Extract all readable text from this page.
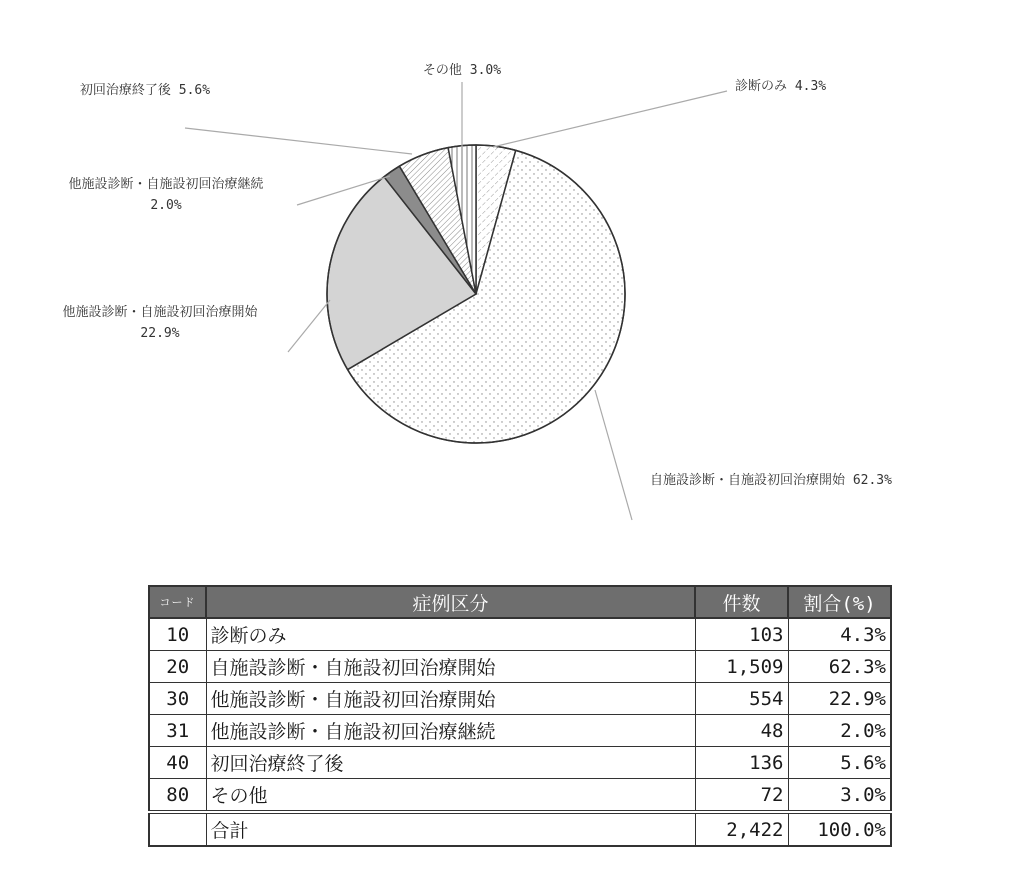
診断のみ 4.3%
自施設診断・自施設初回治療開始 62.3%
他施設診断・自施設初回治療開始
22.9%
他施設診断・自施設初回治療継続
2.0%
初回治療終了後 5.6%
その他 3.0%
コード	症例区分	件数	割合(%)
10	診断のみ	103	4.3%
20	自施設診断・自施設初回治療開始	1,509	62.3%
30	他施設診断・自施設初回治療開始	554	22.9%
31	他施設診断・自施設初回治療継続	48	2.0%
40	初回治療終了後	136	5.6%
80	その他	72	3.0%
	合計	2,422	100.0%
